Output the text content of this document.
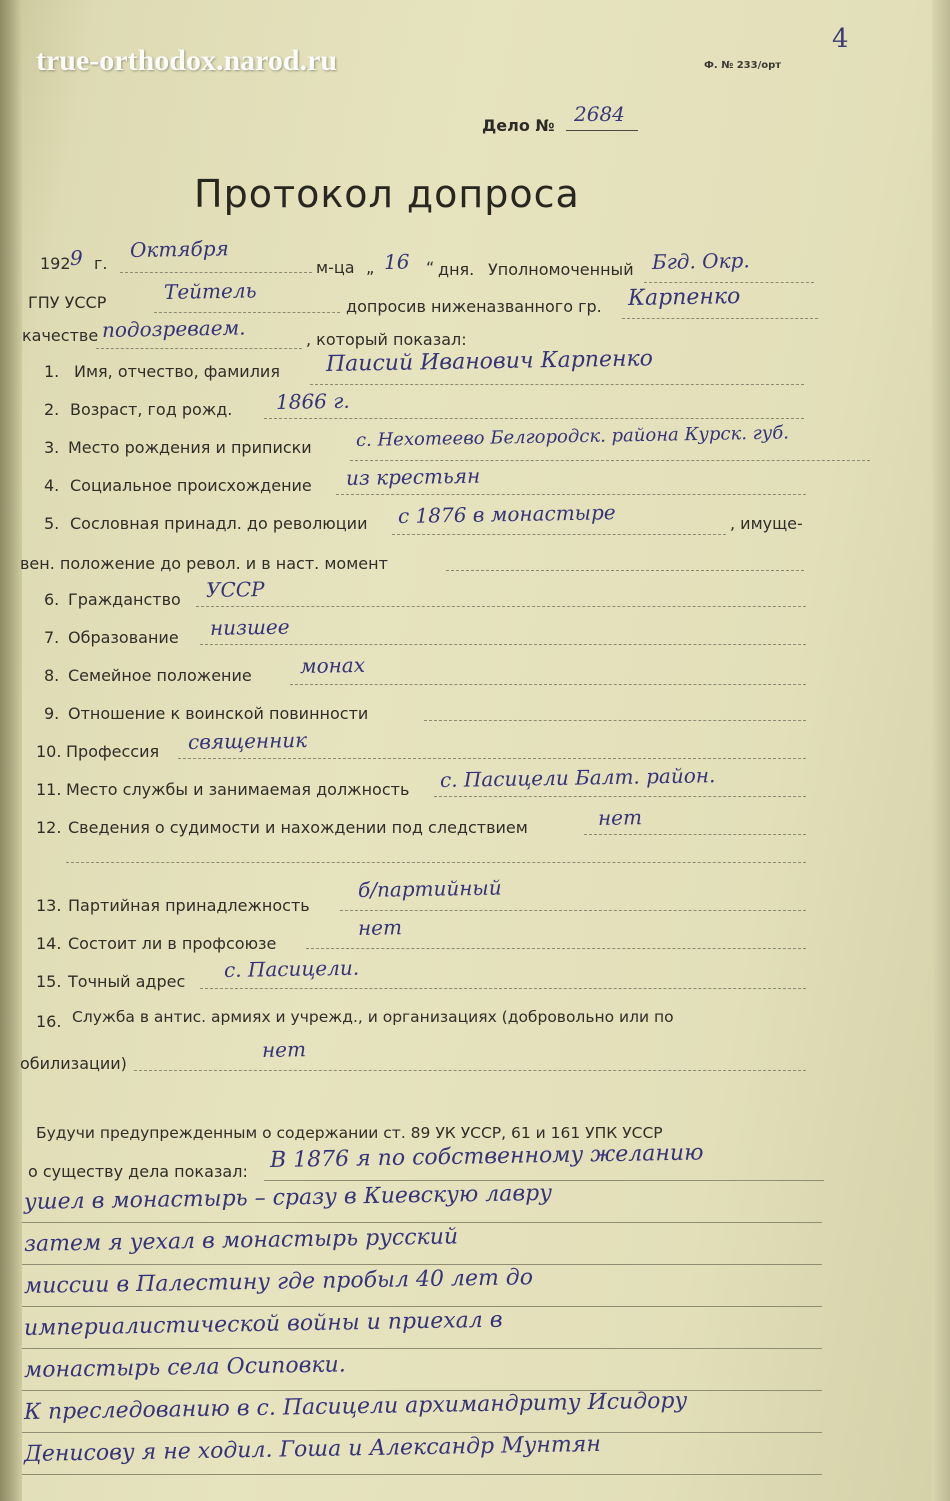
true-orthodox.narod.ru	Ф. № 233/орт
4
Дело № 2684
Протокол допроса
192 9 г.
Октября
м-ца „ 16 “ дня. Уполномоченный Бгд. Окр.
ГПУ УССР	Тейтель
допросив ниженазванного гр. Карпенко
качестве подозреваем.	, который показал:
1. Имя, отчество, фамилия Паисий Иванович Карпенко
2. Возраст, год рожд. 1866 г.
3. Место рождения и приписки с. Нехотеево Белгородск. района Курск. губ.
4. Социальное происхождение из крестьян
5. Сословная принадл. до революции с 1876 в монастыре	, имуще-
вен. положение до револ. и в наст. момент
6. Гражданство УССР
7. Образование низшее
8. Семейное положение монах
9. Отношение к воинской повинности
10. Профессия священник
11. Место службы и занимаемая должность с. Пасицели Балт. район.
12. Сведения о судимости и нахождении под следствием	нет
13. Партийная принадлежность
б/партийный
14. Состоит ли в профсоюзе
нет
15. Точный адрес с. Пасицели.
16. Служба в антис. армиях и учрежд., и организациях (добровольно или по
обилизации)
нет
Будучи предупрежденным о содержании ст. 89 УК УССР, 61 и 161 УПК УССР
о существу дела показал: В 1876 я по собственному желанию
ушел в монастырь – сразу в Киевскую лавру
затем я уехал в монастырь русский
миссии в Палестину где пробыл 40 лет до
империалистической войны и приехал в
монастырь села Осиповки.
К преследованию в с. Пасицели архимандриту Исидору
Денисову я не ходил. Гоша и Александр Мунтян
